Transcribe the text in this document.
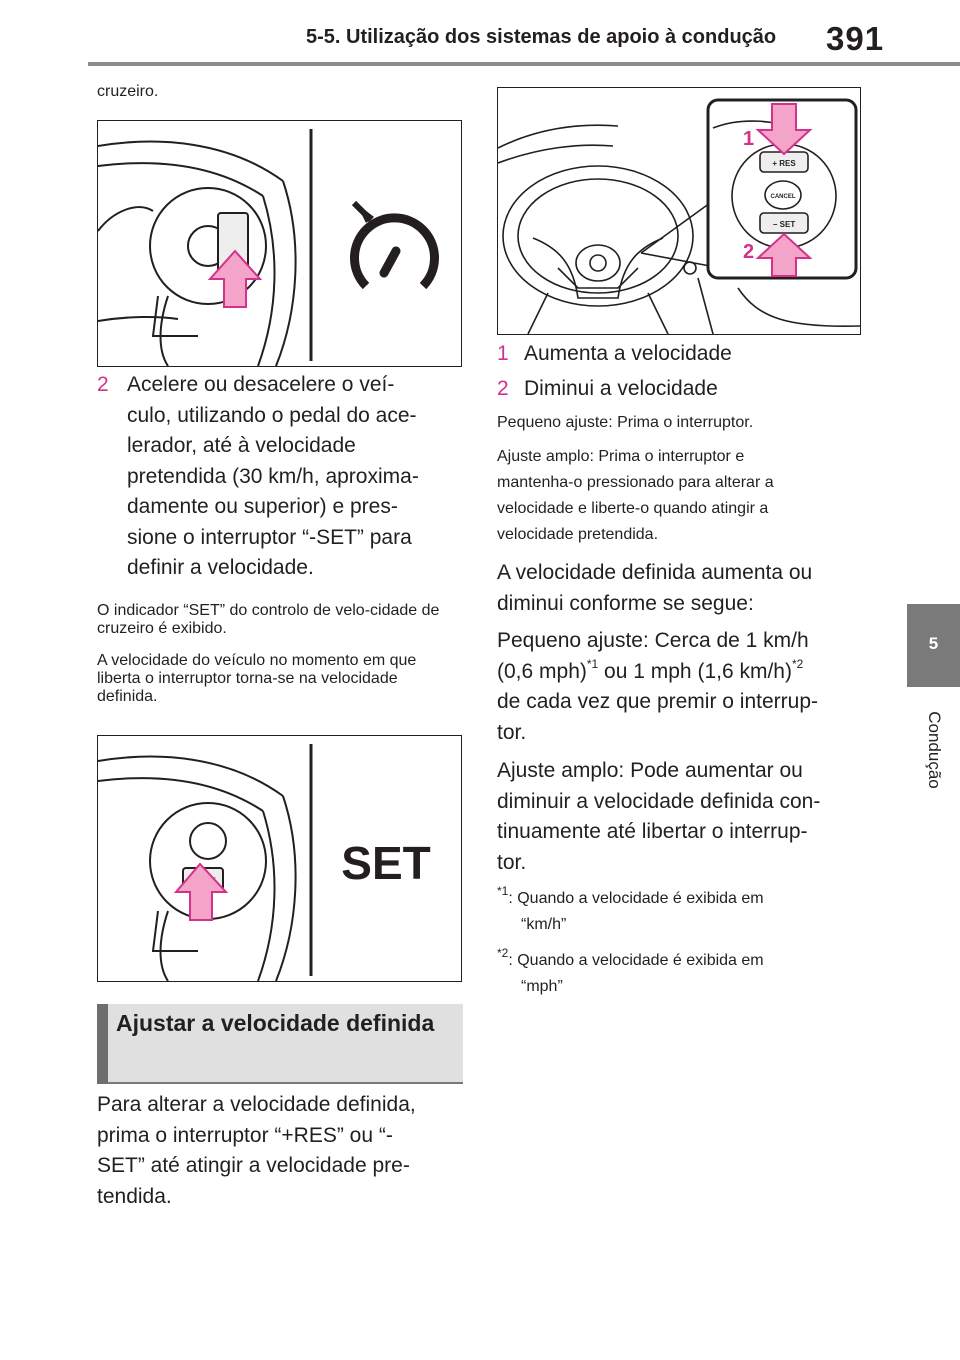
5-5. Utilização dos sistemas de apoio à condução 391
5
Condução
cruzeiro.
2 Acelere ou desacelere o veí-
culo, utilizando o pedal do ace-
lerador, até à velocidade
pretendida (30 km/h, aproxima-
damente ou superior) e pres-
sione o interruptor “-SET” para
definir a velocidade.
O indicador “SET” do controlo de velo-cidade de cruzeiro é exibido.
A velocidade do veículo no momento em que liberta o interruptor torna-se na velocidade definida.
SET
Ajustar a velocidade definida
Para alterar a velocidade definida,
prima o interruptor “+RES” ou “-
SET” até atingir a velocidade pre-
tendida.
+ RES
CANCEL
− SET
1
2
1 Aumenta a velocidade
2 Diminui a velocidade
Pequeno ajuste: Prima o interruptor.
Ajuste amplo: Prima o interruptor e
mantenha-o pressionado para alterar a
velocidade e liberte-o quando atingir a
velocidade pretendida.
A velocidade definida aumenta ou
diminui conforme se segue:
Pequeno ajuste: Cerca de 1 km/h
(0,6 mph)$^{*1}$ ou 1 mph (1,6 km/h)$^{*2}$
de cada vez que premir o interrup-
tor.
Ajuste amplo: Pode aumentar ou
diminuir a velocidade definida con-
tinuamente até libertar o interrup-
tor.
$^{*1}$: Quando a velocidade é exibida em
“km/h”
$^{*2}$: Quando a velocidade é exibida em
“mph”
